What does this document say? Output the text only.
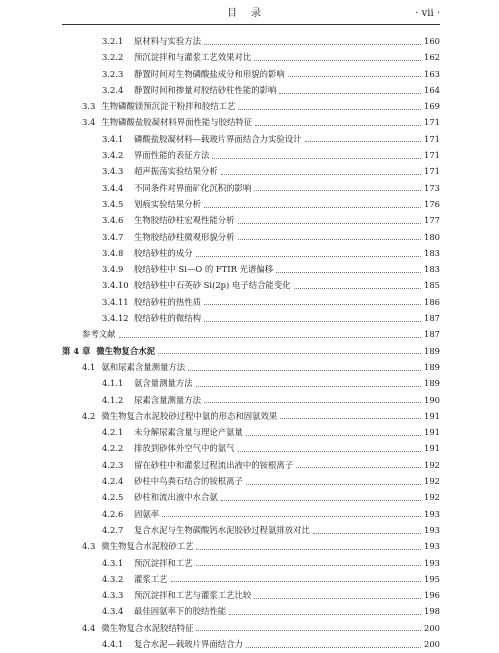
目录	· vii ·
3.2.1	原材料与实验方法	160
3.2.2	预沉淀拌和与灌浆工艺效果对比	162
3.2.3	静置时间对生物磷酸盐成分和形貌的影响	163
3.2.4	静置时间和掺量对胶结砂柱性能的影响	164
3.3 生物磷酸镁预沉淀干粉拌和胶结工艺	169
3.4 生物磷酸盐胶凝材料界面性能与胶结特征	171
3.4.1	磷酸盐胶凝材料—载玻片界面结合力实验设计	171
3.4.2	界面性能的表征方法	171
3.4.3	超声振荡实验结果分析	171
3.4.4	不同条件对界面矿化沉积的影响	173
3.4.5	划痕实验结果分析	176
3.4.6	生物胶结砂柱宏观性能分析	177
3.4.7	生物胶结砂柱微观形貌分析	180
3.4.8	胶结砂柱的成分	183
3.4.9	胶结砂柱中 Si—O 的 FTIR 光谱偏移	183
3.4.10 胶结砂柱中石英砂 Si(2p) 电子结合能变化	185
3.4.11 胶结砂柱的热性质	186
3.4.12 胶结砂柱的微结构	187
参考文献	187
第 4 章 微生物复合水泥	189
4.1 氨和尿素含量测量方法	189
4.1.1	氨含量测量方法	189
4.1.2	尿素含量测量方法	190
4.2 微生物复合水泥胶砂过程中氨的形态和固氨效果	191
4.2.1	未分解尿素含量与理论产氨量	191
4.2.2	排放到砂体外空气中的氨气	191
4.2.3	留在砂柱中和灌浆过程流出液中的铵根离子	192
4.2.4	砂柱中鸟粪石结合的铵根离子	192
4.2.5	砂柱和流出液中水合氨	192
4.2.6	固氨率	193
4.2.7	复合水泥与生物碳酸钙水泥胶砂过程氨排放对比	193
4.3 微生物复合水泥胶砂工艺	193
4.3.1	预沉淀拌和工艺	193
4.3.2	灌浆工艺	195
4.3.3	预沉淀拌和工艺与灌浆工艺比较	196
4.3.4	最佳固氨率下的胶结性能	198
4.4 微生物复合水泥胶结特征	200
4.4.1	复合水泥—载玻片界面结合力	200
